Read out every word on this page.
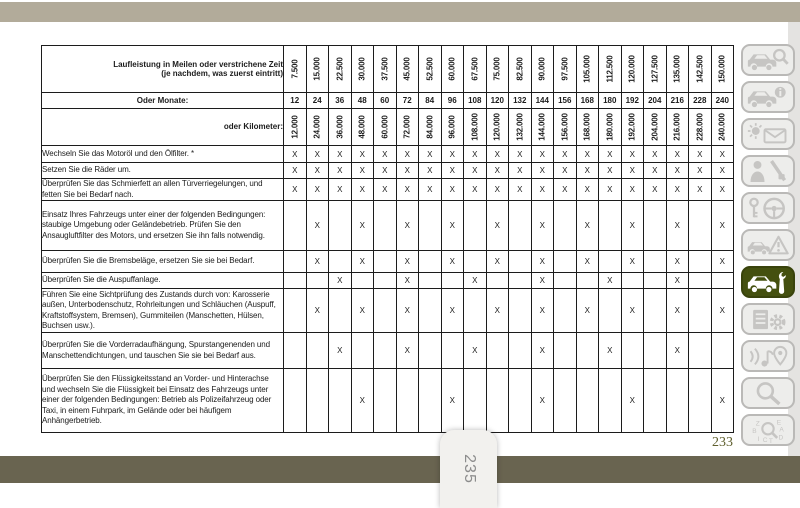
Laufleistung in Meilen oder verstrichene Zeit
(je nachdem, was zuerst eintritt)	7.500	15.000	22.500	30.000	37.500	45.000	52.500	60.000	67.500	75.000	82.500	90.000	97.500	105.000	112.500	120.000	127.500	135.000	142.500	150.000

Oder Monate:	12	24	36	48	60	72	84	96	108	120	132	144	156	168	180	192	204	216	228	240
oder Kilometer:	12.000	24.000	36.000	48.000	60.000	72.000	84.000	96.000	108.000	120.000	132.000	144.000	156.000	168.000	180.000	192.000	204.000	216.000	228.000	240.000

Wechseln Sie das Motoröl und den Ölfilter. *	X	X	X	X	X	X	X	X	X	X	X	X	X	X	X	X	X	X	X	X
Setzen Sie die Räder um.	X	X	X	X	X	X	X	X	X	X	X	X	X	X	X	X	X	X	X	X
Überprüfen Sie das Schmierfett an allen Türverriegelungen, und fetten Sie bei Bedarf nach.	X	X	X	X	X	X	X	X	X	X	X	X	X	X	X	X	X	X	X	X
Einsatz Ihres Fahrzeugs unter einer der folgenden Bedingungen: staubige Umgebung oder Geländebetrieb. Prüfen Sie den Ansaugluftfilter des Motors, und ersetzen Sie ihn falls notwendig.		X		X		X		X		X		X		X		X		X		X
Überprüfen Sie die Bremsbeläge, ersetzen Sie sie bei Bedarf.		X		X		X		X		X		X		X		X		X		X
Überprüfen Sie die Auspuffanlage.			X			X			X			X			X			X		
Führen Sie eine Sichtprüfung des Zustands durch von: Karosserie außen, Unterbodenschutz, Rohrleitungen und Schläuchen (Auspuff, Kraftstoffsystem, Bremsen), Gummiteilen (Manschetten, Hülsen, Buchsen usw.).		X		X		X		X		X		X		X		X		X		X
Überprüfen Sie die Vorderradaufhängung, Spurstangenenden und Manschettendichtungen, und tauschen Sie sie bei Bedarf aus.			X			X			X			X			X			X		
Überprüfen Sie den Flüssigkeitsstand an Vorder- und Hinterachse und wechseln Sie die Flüssigkeit bei Einsatz des Fahrzeugs unter einer der folgenden Bedingungen: Betrieb als Polizeifahrzeug oder Taxi, in einem Fuhrpark, im Gelände oder bei häufigem Anhängerbetrieb.				X				X				X				X				X
233
Z E
B	A
I C T D
235
